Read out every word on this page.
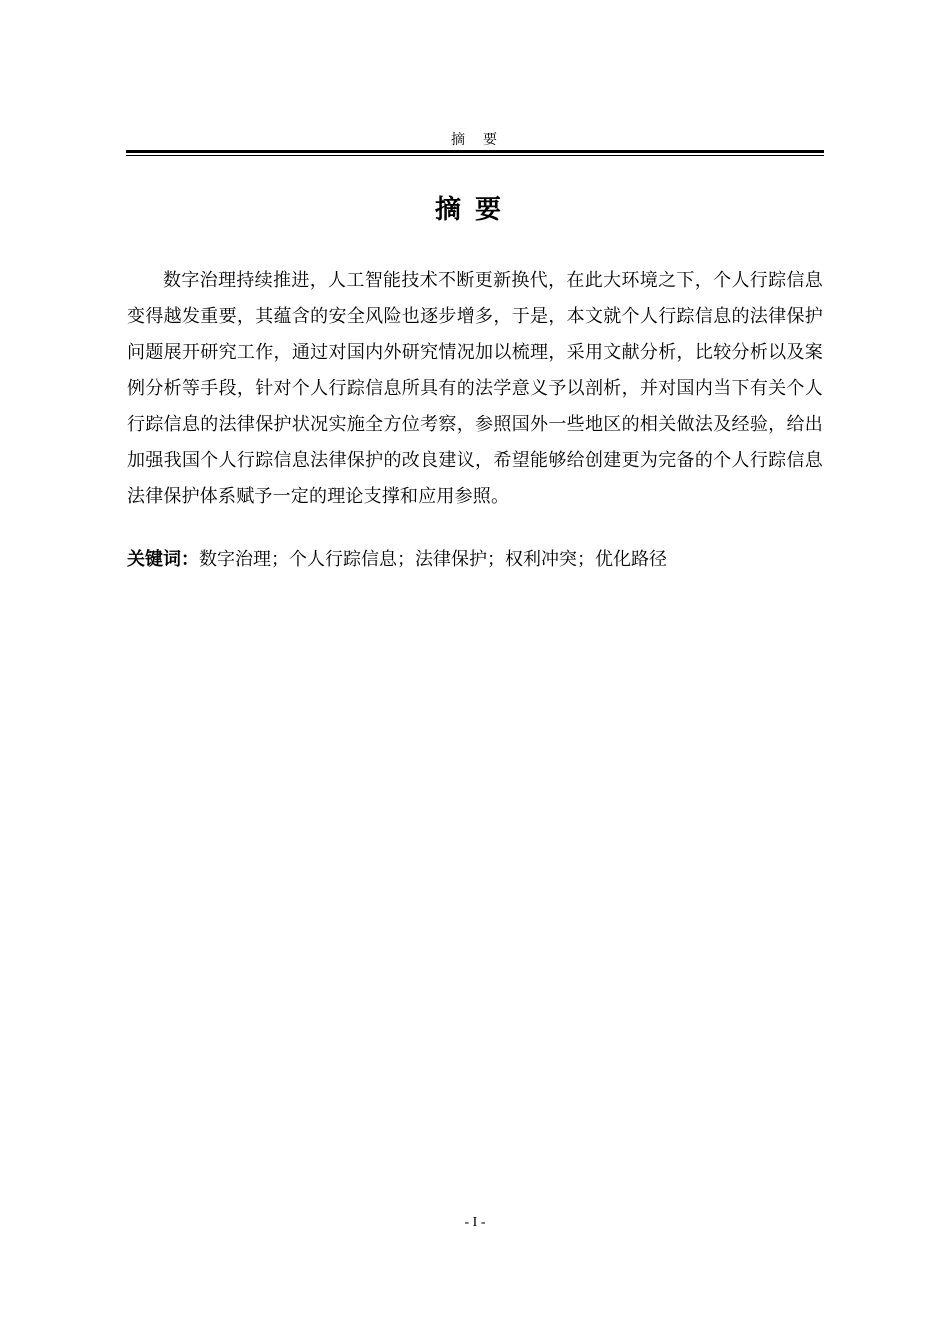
摘　要
摘要

数字治理持续推进，人工智能技术不断更新换代，在此大环境之下，个人行踪信息变得越发重要，其蕴含的安全风险也逐步增多，于是，本文就个人行踪信息的法律保护问题展开研究工作，通过对国内外研究情况加以梳理，采用文献分析，比较分析以及案例分析等手段，针对个人行踪信息所具有的法学意义予以剖析，并对国内当下有关个人行踪信息的法律保护状况实施全方位考察，参照国外一些地区的相关做法及经验，给出加强我国个人行踪信息法律保护的改良建议，希望能够给创建更为完备的个人行踪信息法律保护体系赋予一定的理论支撑和应用参照。

关键词：数字治理；个人行踪信息；法律保护；权利冲突；优化路径
- I -
